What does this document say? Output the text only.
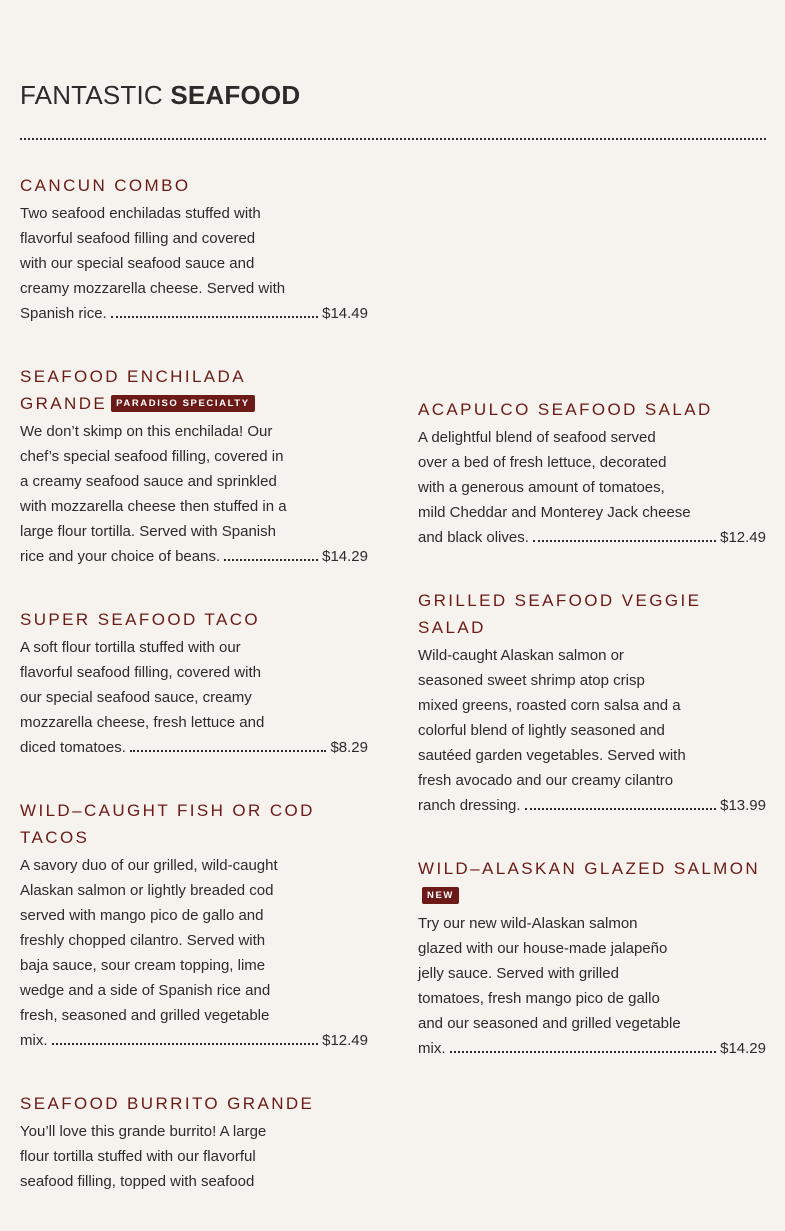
FANTASTIC SEAFOOD
CANCUN COMBO
Two seafood enchiladas stuffed with
flavorful seafood filling and covered
with our special seafood sauce and
creamy mozzarella cheese. Served with
Spanish rice.	$14.49
SEAFOOD ENCHILADA
GRANDE PARADISO SPECIALTY
We don’t skimp on this enchilada! Our
chef’s special seafood filling, covered in
a creamy seafood sauce and sprinkled
with mozzarella cheese then stuffed in a
large flour tortilla. Served with Spanish
rice and your choice of beans.	$14.29
SUPER SEAFOOD TACO
A soft flour tortilla stuffed with our
flavorful seafood filling, covered with
our special seafood sauce, creamy
mozzarella cheese, fresh lettuce and
diced tomatoes.	$8.29
WILD–CAUGHT FISH OR COD TACOS
A savory duo of our grilled, wild-caught
Alaskan salmon or lightly breaded cod
served with mango pico de gallo and
freshly chopped cilantro. Served with
baja sauce, sour cream topping, lime
wedge and a side of Spanish rice and
fresh, seasoned and grilled vegetable
mix.	$12.49
SEAFOOD BURRITO GRANDE
You’ll love this grande burrito! A large
flour tortilla stuffed with our flavorful
seafood filling, topped with seafood
ACAPULCO SEAFOOD SALAD
A delightful blend of seafood served
over a bed of fresh lettuce, decorated
with a generous amount of tomatoes,
mild Cheddar and Monterey Jack cheese
and black olives.	$12.49
GRILLED SEAFOOD VEGGIE SALAD
Wild-caught Alaskan salmon or
seasoned sweet shrimp atop crisp
mixed greens, roasted corn salsa and a
colorful blend of lightly seasoned and
sautéed garden vegetables. Served with
fresh avocado and our creamy cilantro
ranch dressing.	$13.99
WILD–ALASKAN GLAZED SALMONNEW
Try our new wild-Alaskan salmon
glazed with our house-made jalapeño
jelly sauce. Served with grilled
tomatoes, fresh mango pico de gallo
and our seasoned and grilled vegetable
mix.	$14.29
